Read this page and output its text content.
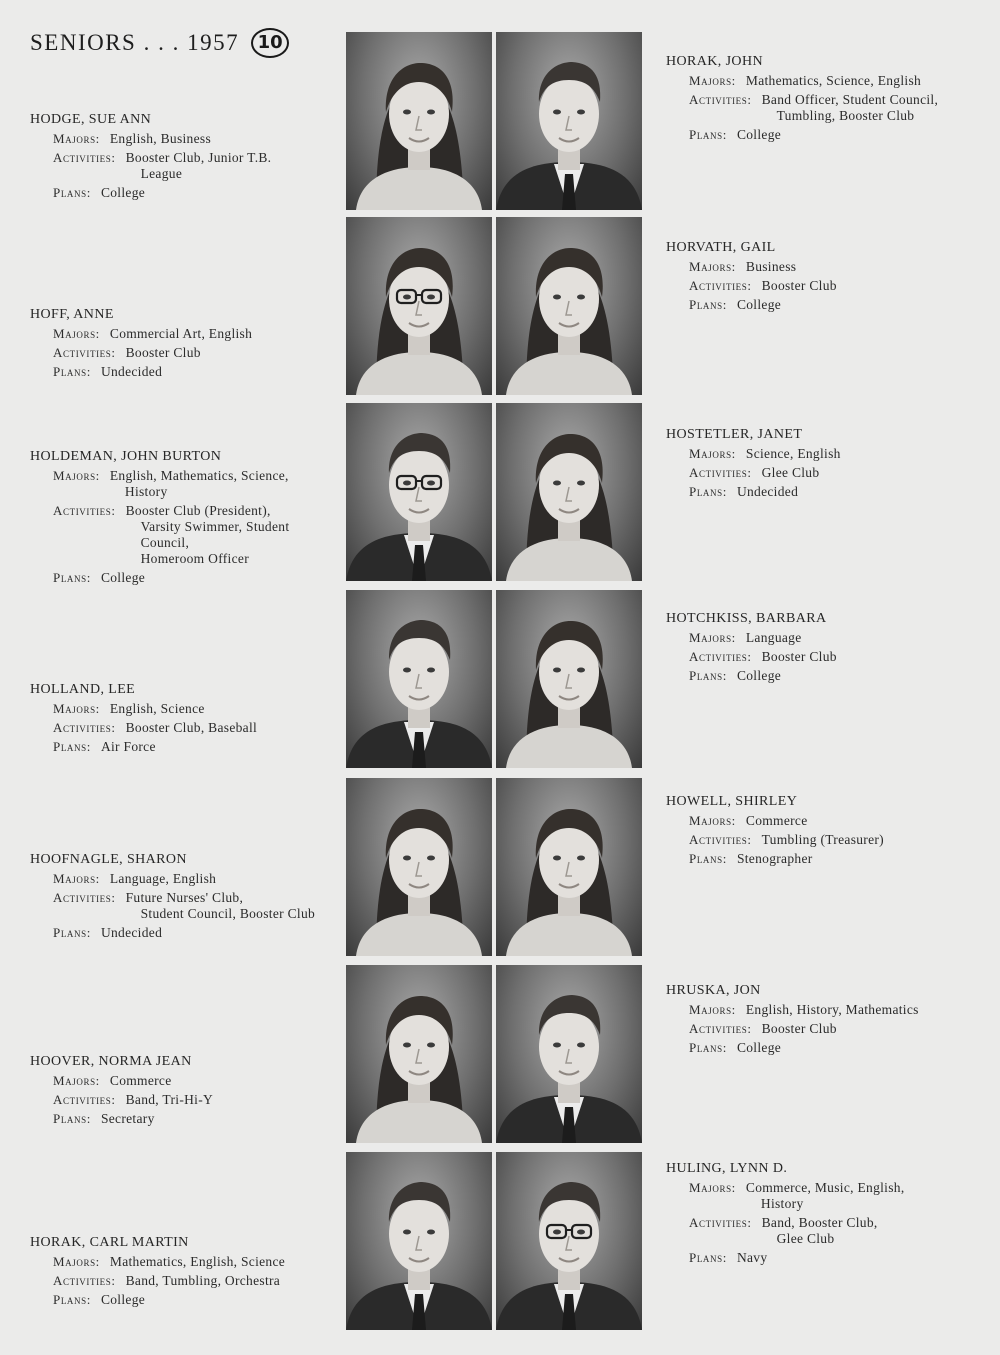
SENIORS . . . 1957 10
HODGE, SUE ANN
Majors: English, Business
Activities: Booster Club, Junior T.B.
League
Plans: College
HOFF, ANNE
Majors: Commercial Art, English
Activities: Booster Club
Plans: Undecided
HOLDEMAN, JOHN BURTON
Majors: English, Mathematics, Science,
History
Activities: Booster Club (President),
Varsity Swimmer, Student Council,
Homeroom Officer
Plans: College
HOLLAND, LEE
Majors: English, Science
Activities: Booster Club, Baseball
Plans: Air Force
HOOFNAGLE, SHARON
Majors: Language, English
Activities: Future Nurses' Club,
Student Council, Booster Club
Plans: Undecided
HOOVER, NORMA JEAN
Majors: Commerce
Activities: Band, Tri-Hi-Y
Plans: Secretary
HORAK, CARL MARTIN
Majors: Mathematics, English, Science
Activities: Band, Tumbling, Orchestra
Plans: College
HORAK, JOHN
Majors: Mathematics, Science, English
Activities: Band Officer, Student Council,
Tumbling, Booster Club
Plans: College
HORVATH, GAIL
Majors: Business
Activities: Booster Club
Plans: College
HOSTETLER, JANET
Majors: Science, English
Activities: Glee Club
Plans: Undecided
HOTCHKISS, BARBARA
Majors: Language
Activities: Booster Club
Plans: College
HOWELL, SHIRLEY
Majors: Commerce
Activities: Tumbling (Treasurer)
Plans: Stenographer
HRUSKA, JON
Majors: English, History, Mathematics
Activities: Booster Club
Plans: College
HULING, LYNN D.
Majors: Commerce, Music, English,
History
Activities: Band, Booster Club,
Glee Club
Plans: Navy
